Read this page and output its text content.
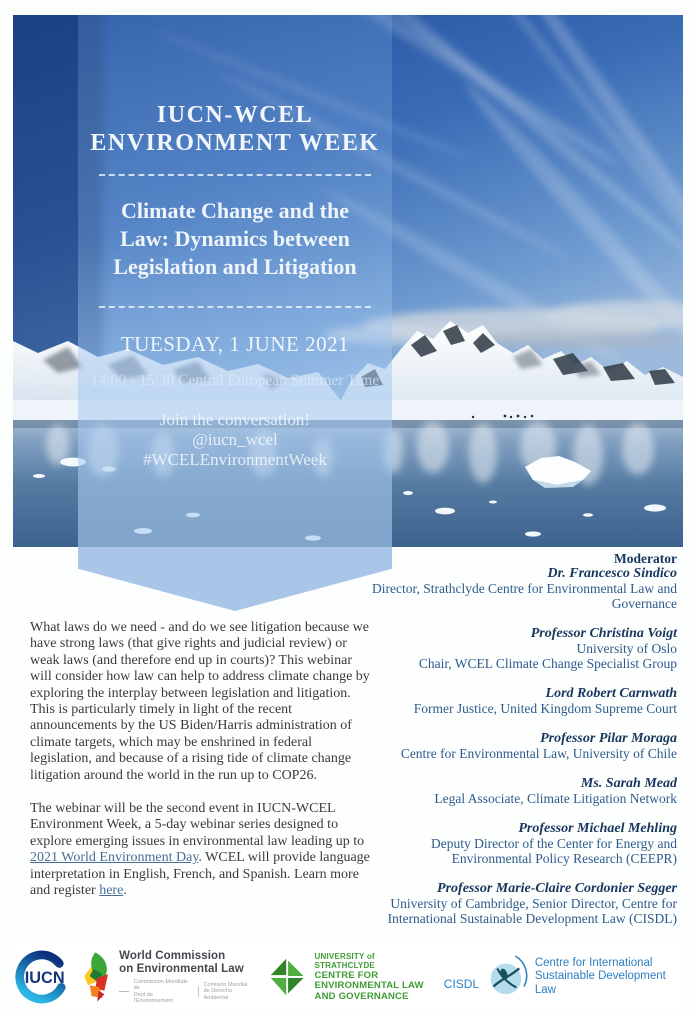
IUCN-WCEL
ENVIRONMENT WEEK
Climate Change and the Law: Dynamics between Legislation and Litigation
TUESDAY, 1 JUNE 2021
14:00 - 15:30 Central European Summer Time
Join the conversation!
@iucn_wcel
#WCELEnvironmentWeek

What laws do we need - and do we see litigation because we have strong laws (that give rights and judicial review) or weak laws (and therefore end up in courts)? This webinar will consider how law can help to address climate change by exploring the interplay between legislation and litigation. This is particularly timely in light of the recent announcements by the US Biden/Harris administration of climate targets, which may be enshrined in federal legislation, and because of a rising tide of climate change litigation around the world in the run up to COP26.

The webinar will be the second event in IUCN-WCEL Environment Week, a 5-day webinar series designed to explore emerging issues in environmental law leading up to 2021 World Environment Day. WCEL will provide language interpretation in English, French, and Spanish. Learn more and register here.

Moderator
Dr. Francesco Sindico
Director, Strathclyde Centre for Environmental Law and Governance
Professor Christina Voigt
University of Oslo
Chair, WCEL Climate Change Specialist Group
Lord Robert Carnwath
Former Justice, United Kingdom Supreme Court
Professor Pilar Moraga
Centre for Environmental Law, University of Chile
Ms. Sarah Mead
Legal Associate, Climate Litigation Network
Professor Michael Mehling
Deputy Director of the Center for Energy and Environmental Policy Research (CEEPR)
Professor Marie-Claire Cordonier Segger
University of Cambridge, Senior Director, Centre for International Sustainable Development Law (CISDL)
IUCN
World Commission
on Environmental Law
Commission Mondiale de
Droit de l'Environnement
Comisión Mundial
de Derecho Ambiental
UNIVERSITY of STRATHCLYDE
CENTRE FOR
ENVIRONMENTAL LAW
AND GOVERNANCE
CISDL
Centre for International
Sustainable Development Law
